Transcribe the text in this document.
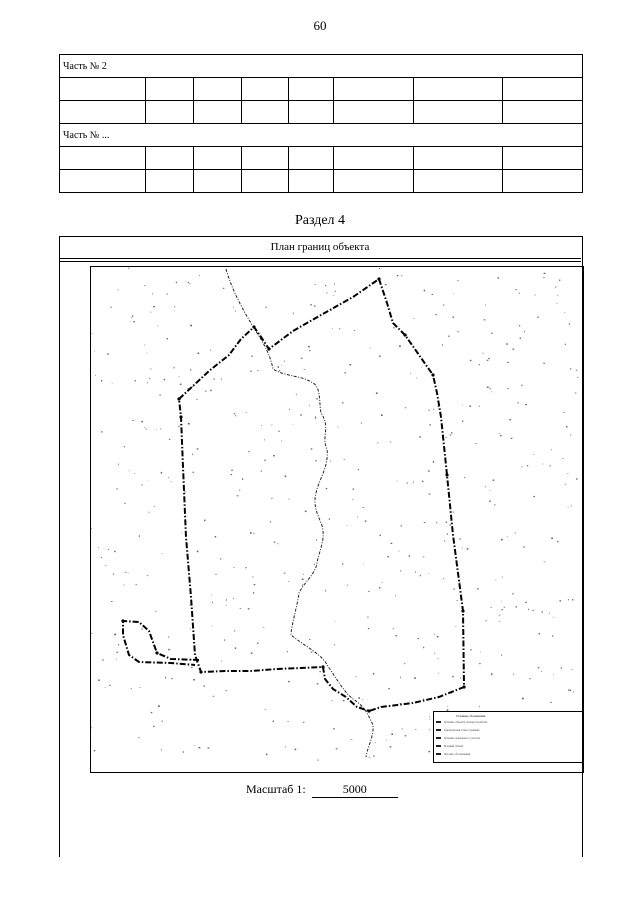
60
Часть № 2							

Часть № ...							

Раздел 4
План границ объекта
Условные обозначения
Граница объекта землеустройства
Характерная точка границы
Граница земельного участка
Водный объект
Прочие обозначения
Масштаб 1:	5000
